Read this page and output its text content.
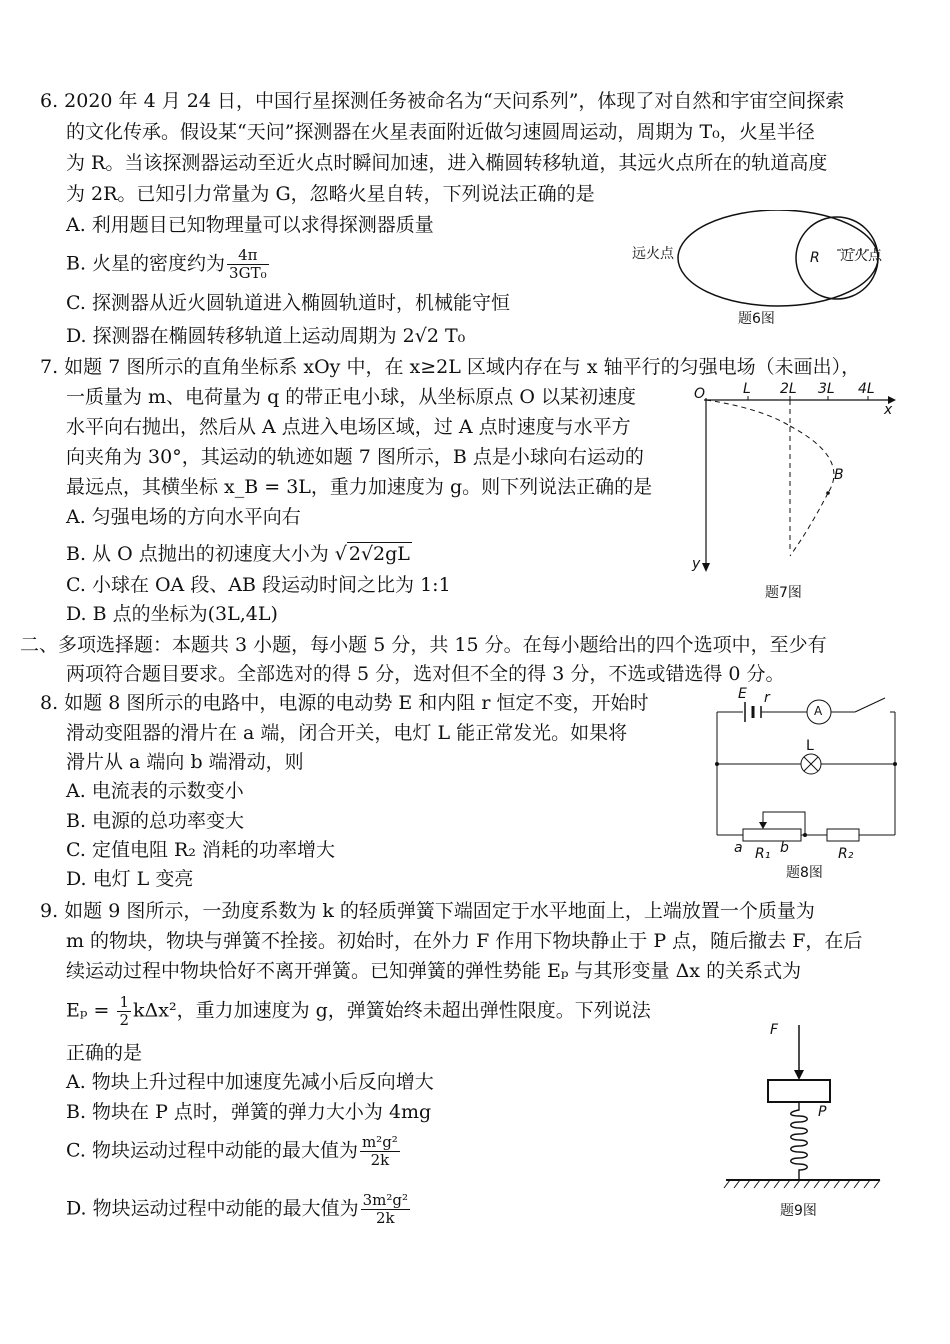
6. 2020 年 4 月 24 日，中国行星探测任务被命名为“天问系列”，体现了对自然和宇宙空间探索
的文化传承。假设某“天问”探测器在火星表面附近做匀速圆周运动，周期为 T₀，火星半径
为 R。当该探测器运动至近火点时瞬间加速，进入椭圆转移轨道，其远火点所在的轨道高度
为 2R。已知引力常量为 G，忽略火星自转，下列说法正确的是
A. 利用题目已知物理量可以求得探测器质量
B. 火星的密度约为 $\frac{4\pi}{\text{3GT₀}}$
C. 探测器从近火圆轨道进入椭圆轨道时，机械能守恒
D. 探测器在椭圆转移轨道上运动周期为 2√2 T₀
远火点	近火点
R
题6图
7. 如题 7 图所示的直角坐标系 xOy 中，在 x≥2L 区域内存在与 x 轴平行的匀强电场（未画出），
一质量为 m、电荷量为 q 的带正电小球，从坐标原点 O 以某初速度
水平向右抛出，然后从 A 点进入电场区域，过 A 点时速度与水平方
向夹角为 30°，其运动的轨迹如题 7 图所示，B 点是小球向右运动的
最远点，其横坐标 x_B = 3L，重力加速度为 g。则下列说法正确的是
A. 匀强电场的方向水平向右
B. 从 O 点抛出的初速度大小为 √ 2√2gL
C. 小球在 OA 段、AB 段运动时间之比为 1:1
D. B 点的坐标为(3L,4L)
O	L 2L 3L 4L
x
y
B
题7图
二、多项选择题：本题共 3 小题，每小题 5 分，共 15 分。在每小题给出的四个选项中，至少有
两项符合题目要求。全部选对的得 5 分，选对但不全的得 3 分，不选或错选得 0 分。
8. 如题 8 图所示的电路中，电源的电动势 E 和内阻 r 恒定不变，开始时
滑动变阻器的滑片在 a 端，闭合开关，电灯 L 能正常发光。如果将
滑片从 a 端向 b 端滑动，则
A. 电流表的示数变小
B. 电源的总功率变大
C. 定值电阻 R₂ 消耗的功率增大
D. 电灯 L 变亮
E r
A
L
a R₁ b	R₂
题8图
9. 如题 9 图所示，一劲度系数为 k 的轻质弹簧下端固定于水平地面上，上端放置一个质量为
m 的物块，物块与弹簧不拴接。初始时，在外力 F 作用下物块静止于 P 点，随后撤去 F，在后
续运动过程中物块恰好不离开弹簧。已知弹簧的弹性势能 Eₚ 与其形变量 Δx 的关系式为
$E_p = \frac{1}{2} k\Delta x^2$，重力加速度为 g，弹簧始终未超出弹性限度。下列说法
正确的是
A. 物块上升过程中加速度先减小后反向增大
B. 物块在 P 点时，弹簧的弹力大小为 4mg
C. 物块运动过程中动能的最大值为 $\frac{\text{m²g²}}{2k}$
D. 物块运动过程中动能的最大值为 $\frac{\text{3m²g²}}{2k}$
F
P
题9图
